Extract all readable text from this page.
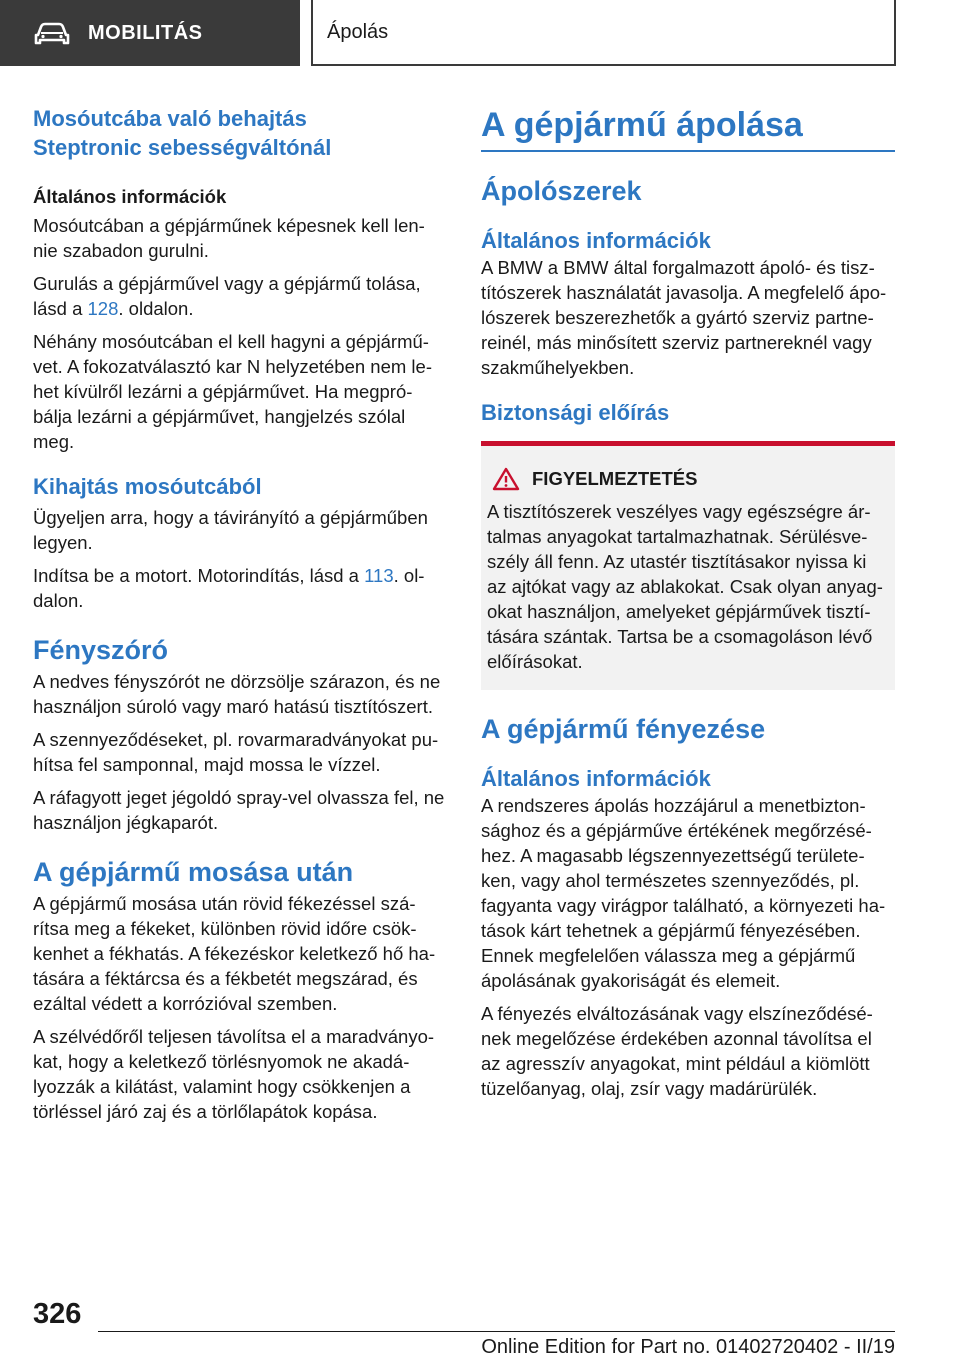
MOBILITÁS	Ápolás
Mosóutcába való behajtás
Steptronic sebességváltónál
Általános információk

Mosóutcában a gépjárműnek képesnek kell len-nie szabadon gurulni.

Gurulás a gépjárművel vagy a gépjármű tolása, lásd a 128. oldalon.

Néhány mosóutcában el kell hagyni a gépjármű-vet. A fokozatválasztó kar N helyzetében nem le-het kívülről lezárni a gépjárművet. Ha megpró-bálja lezárni a gépjárművet, hangjelzés szólal meg.

Kihajtás mosóutcából

Ügyeljen arra, hogy a távirányító a gépjárműben legyen.

Indítsa be a motort. Motorindítás, lásd a 113. ol-dalon.

Fényszóró

A nedves fényszórót ne dörzsölje szárazon, és ne használjon súroló vagy maró hatású tisztítószert.

A szennyeződéseket, pl. rovarmaradványokat pu-hítsa fel samponnal, majd mossa le vízzel.

A ráfagyott jeget jégoldó spray-vel olvassza fel, ne használjon jégkaparót.

A gépjármű mosása után

A gépjármű mosása után rövid fékezéssel szá-rítsa meg a fékeket, különben rövid időre csök-kenhet a fékhatás. A fékezéskor keletkező hő ha-tására a féktárcsa és a fékbetét megszárad, és ezáltal védett a korrózióval szemben.

A szélvédőről teljesen távolítsa el a maradványo-kat, hogy a keletkező törlésnyomok ne akadá-lyozzák a kilátást, valamint hogy csökkenjen a törléssel járó zaj és a törlőlapátok kopása.

A gépjármű ápolása
Ápolószerek
Általános információk

A BMW a BMW által forgalmazott ápoló- és tisz-títószerek használatát javasolja. A megfelelő ápo-lószerek beszerezhetők a gyártó szerviz partne-reinél, más minősített szerviz partnereknél vagy szakműhelyekben.

Biztonsági előírás
FIGYELMEZTETÉS

A tisztítószerek veszélyes vagy egészségre ár-talmas anyagokat tartalmazhatnak. Sérülésve-szély áll fenn. Az utastér tisztításakor nyissa ki az ajtókat vagy az ablakokat. Csak olyan anyag-okat használjon, amelyeket gépjárművek tisztí-tására szántak. Tartsa be a csomagoláson lévő előírásokat.

A gépjármű fényezése
Általános információk

A rendszeres ápolás hozzájárul a menetbizton-sághoz és a gépjárműve értékének megőrzésé-hez. A magasabb légszennyezettségű területe-ken, vagy ahol természetes szennyeződés, pl. fagyanta vagy virágpor található, a környezeti ha-tások kárt tehetnek a gépjármű fényezésében. Ennek megfelelően válassza meg a gépjármű ápolásának gyakoriságát és elemeit.

A fényezés elváltozásának vagy elszíneződésé-nek megelőzése érdekében azonnal távolítsa el az agresszív anyagokat, mint például a kiömlött tüzelőanyag, olaj, zsír vagy madárürülék.

326
Online Edition for Part no. 01402720402 - II/19
